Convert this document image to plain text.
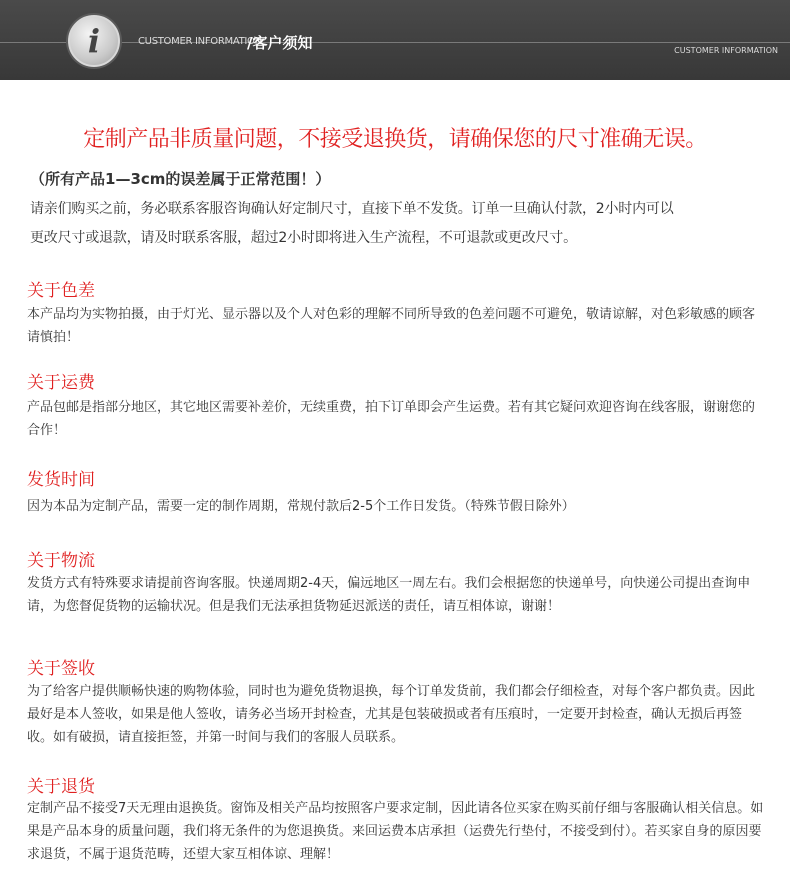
i	CUSTOMER INFORMATION
/客户须知	CUSTOMER INFORMATION
定制产品非质量问题，不接受退换货，请确保您的尺寸准确无误。
（所有产品1—3cm的误差属于正常范围！）
请亲们购买之前，务必联系客服咨询确认好定制尺寸，直接下单不发货。订单一旦确认付款，2小时内可以
更改尺寸或退款，请及时联系客服，超过2小时即将进入生产流程，不可退款或更改尺寸。
关于色差
本产品均为实物拍摄，由于灯光、显示器以及个人对色彩的理解不同所导致的色差问题不可避免，敬请谅解，对色彩敏感的顾客请慎拍！
关于运费
产品包邮是指部分地区，其它地区需要补差价，无续重费，拍下订单即会产生运费。若有其它疑问欢迎咨询在线客服，谢谢您的合作！
发货时间
因为本品为定制产品，需要一定的制作周期，常规付款后2-5个工作日发货。（特殊节假日除外）
关于物流
发货方式有特殊要求请提前咨询客服。快递周期2-4天，偏远地区一周左右。我们会根据您的快递单号，向快递公司提出查询申请，为您督促货物的运输状况。但是我们无法承担货物延迟派送的责任，请互相体谅，谢谢！
关于签收
为了给客户提供顺畅快速的购物体验，同时也为避免货物退换，每个订单发货前，我们都会仔细检查，对每个客户都负责。因此最好是本人签收，如果是他人签收，请务必当场开封检查，尤其是包装破损或者有压痕时，一定要开封检查，确认无损后再签收。如有破损，请直接拒签，并第一时间与我们的客服人员联系。
关于退货
定制产品不接受7天无理由退换货。窗饰及相关产品均按照客户要求定制，因此请各位买家在购买前仔细与客服确认相关信息。如果是产品本身的质量问题，我们将无条件的为您退换货。来回运费本店承担（运费先行垫付，不接受到付）。若买家自身的原因要求退货，不属于退货范畴，还望大家互相体谅、理解！
